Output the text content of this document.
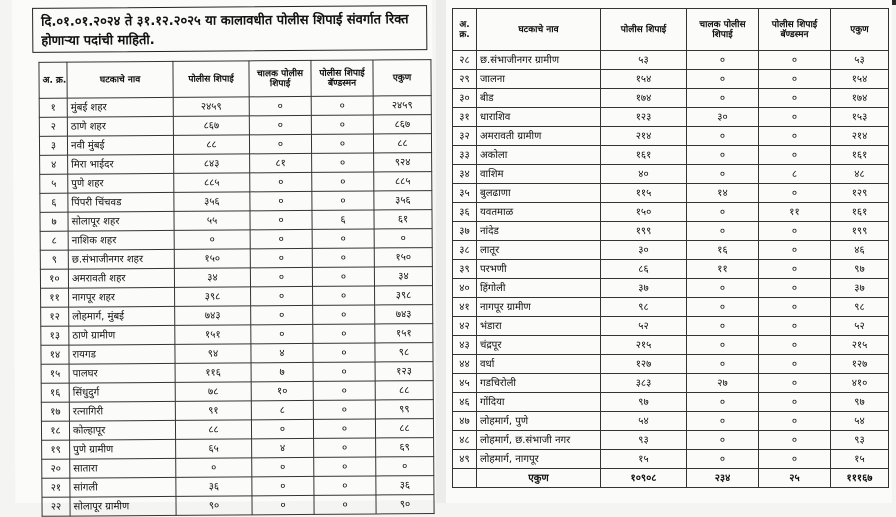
दि.०१.०१.२०२४ ते ३१.१२.२०२५ या कालावधीत पोलीस शिपाई संवर्गात रिक्त होणाऱ्या पदांची माहिती.
अ. क्र.	घटकाचे नाव	पोलीस शिपाई	चालक पोलीस शिपाई	पोलीस शिपाई बॅण्डस्मन	एकुण
१	मुंबई शहर	२४५९	०	०	२४५९
२	ठाणे शहर	८६७	०	०	८६७
३	नवी मुंबई	८८	०	०	८८
४	मिरा भाईदर	८४३	८१	०	९२४
५	पुणे शहर	८८५	०	०	८८५
६	पिंपरी चिंचवड	३५६	०	०	३५६
७	सोलापूर शहर	५५	०	६	६१
८	नाशिक शहर	०	०	०	०
९	छ.संभाजीनगर शहर	१५०	०	०	१५०
१०	अमरावती शहर	३४	०	०	३४
११	नागपूर शहर	३९८	०	०	३९८
१२	लोहमार्ग, मुंबई	७४३	०	०	७४३
१३	ठाणे ग्रामीण	१५१	०	०	१५१
१४	रायगड	९४	४	०	९८
१५	पालघर	११६	७	०	१२३
१६	सिंधुदुर्ग	७८	१०	०	८८
१७	रत्नागिरी	९१	८	०	९९
१८	कोल्हापूर	८८	०	०	८८
१९	पुणे ग्रामीण	६५	४	०	६९
२०	सातारा	०	०	०	०
२१	सांगली	३६	०	०	३६
२२	सोलापूर ग्रामीण	९०	०	०	९०
अ. क्र.	घटकाचे नाव	पोलीस शिपाई	चालक पोलीस शिपाई	पोलीस शिपाई बॅण्डस्मन	एकुण
२८	छ.संभाजीनगर ग्रामीण	५३	०	०	५३
२९	जालना	१५४	०	०	१५४
३०	बीड	१७४	०	०	१७४
३१	धाराशिव	१२३	३०	०	१५३
३२	अमरावती ग्रामीण	२१४	०	०	२१४
३३	अकोला	१६१	०	०	१६१
३४	वाशिम	४०	०	८	४८
३५	बुलढाणा	११५	१४	०	१२९
३६	यवतमाळ	१५०	०	११	१६१
३७	नांदेड	१९९	०	०	१९९
३८	लातूर	३०	१६	०	४६
३९	परभणी	८६	११	०	९७
४०	हिंगोली	३७	०	०	३७
४१	नागपूर ग्रामीण	९८	०	०	९८
४२	भंडारा	५२	०	०	५२
४३	चंद्रपूर	२१५	०	०	२१५
४४	वर्धा	१२७	०	०	१२७
४५	गडचिरोली	३८३	२७	०	४१०
४६	गोंदिया	९७	०	०	९७
४७	लोहमार्ग, पुणे	५४	०	०	५४
४८	लोहमार्ग, छ.संभाजी नगर	९३	०	०	९३
४९	लोहमार्ग, नागपूर	१५	०	०	१५
	एकुण	१०९०८	२३४	२५	१११६७
